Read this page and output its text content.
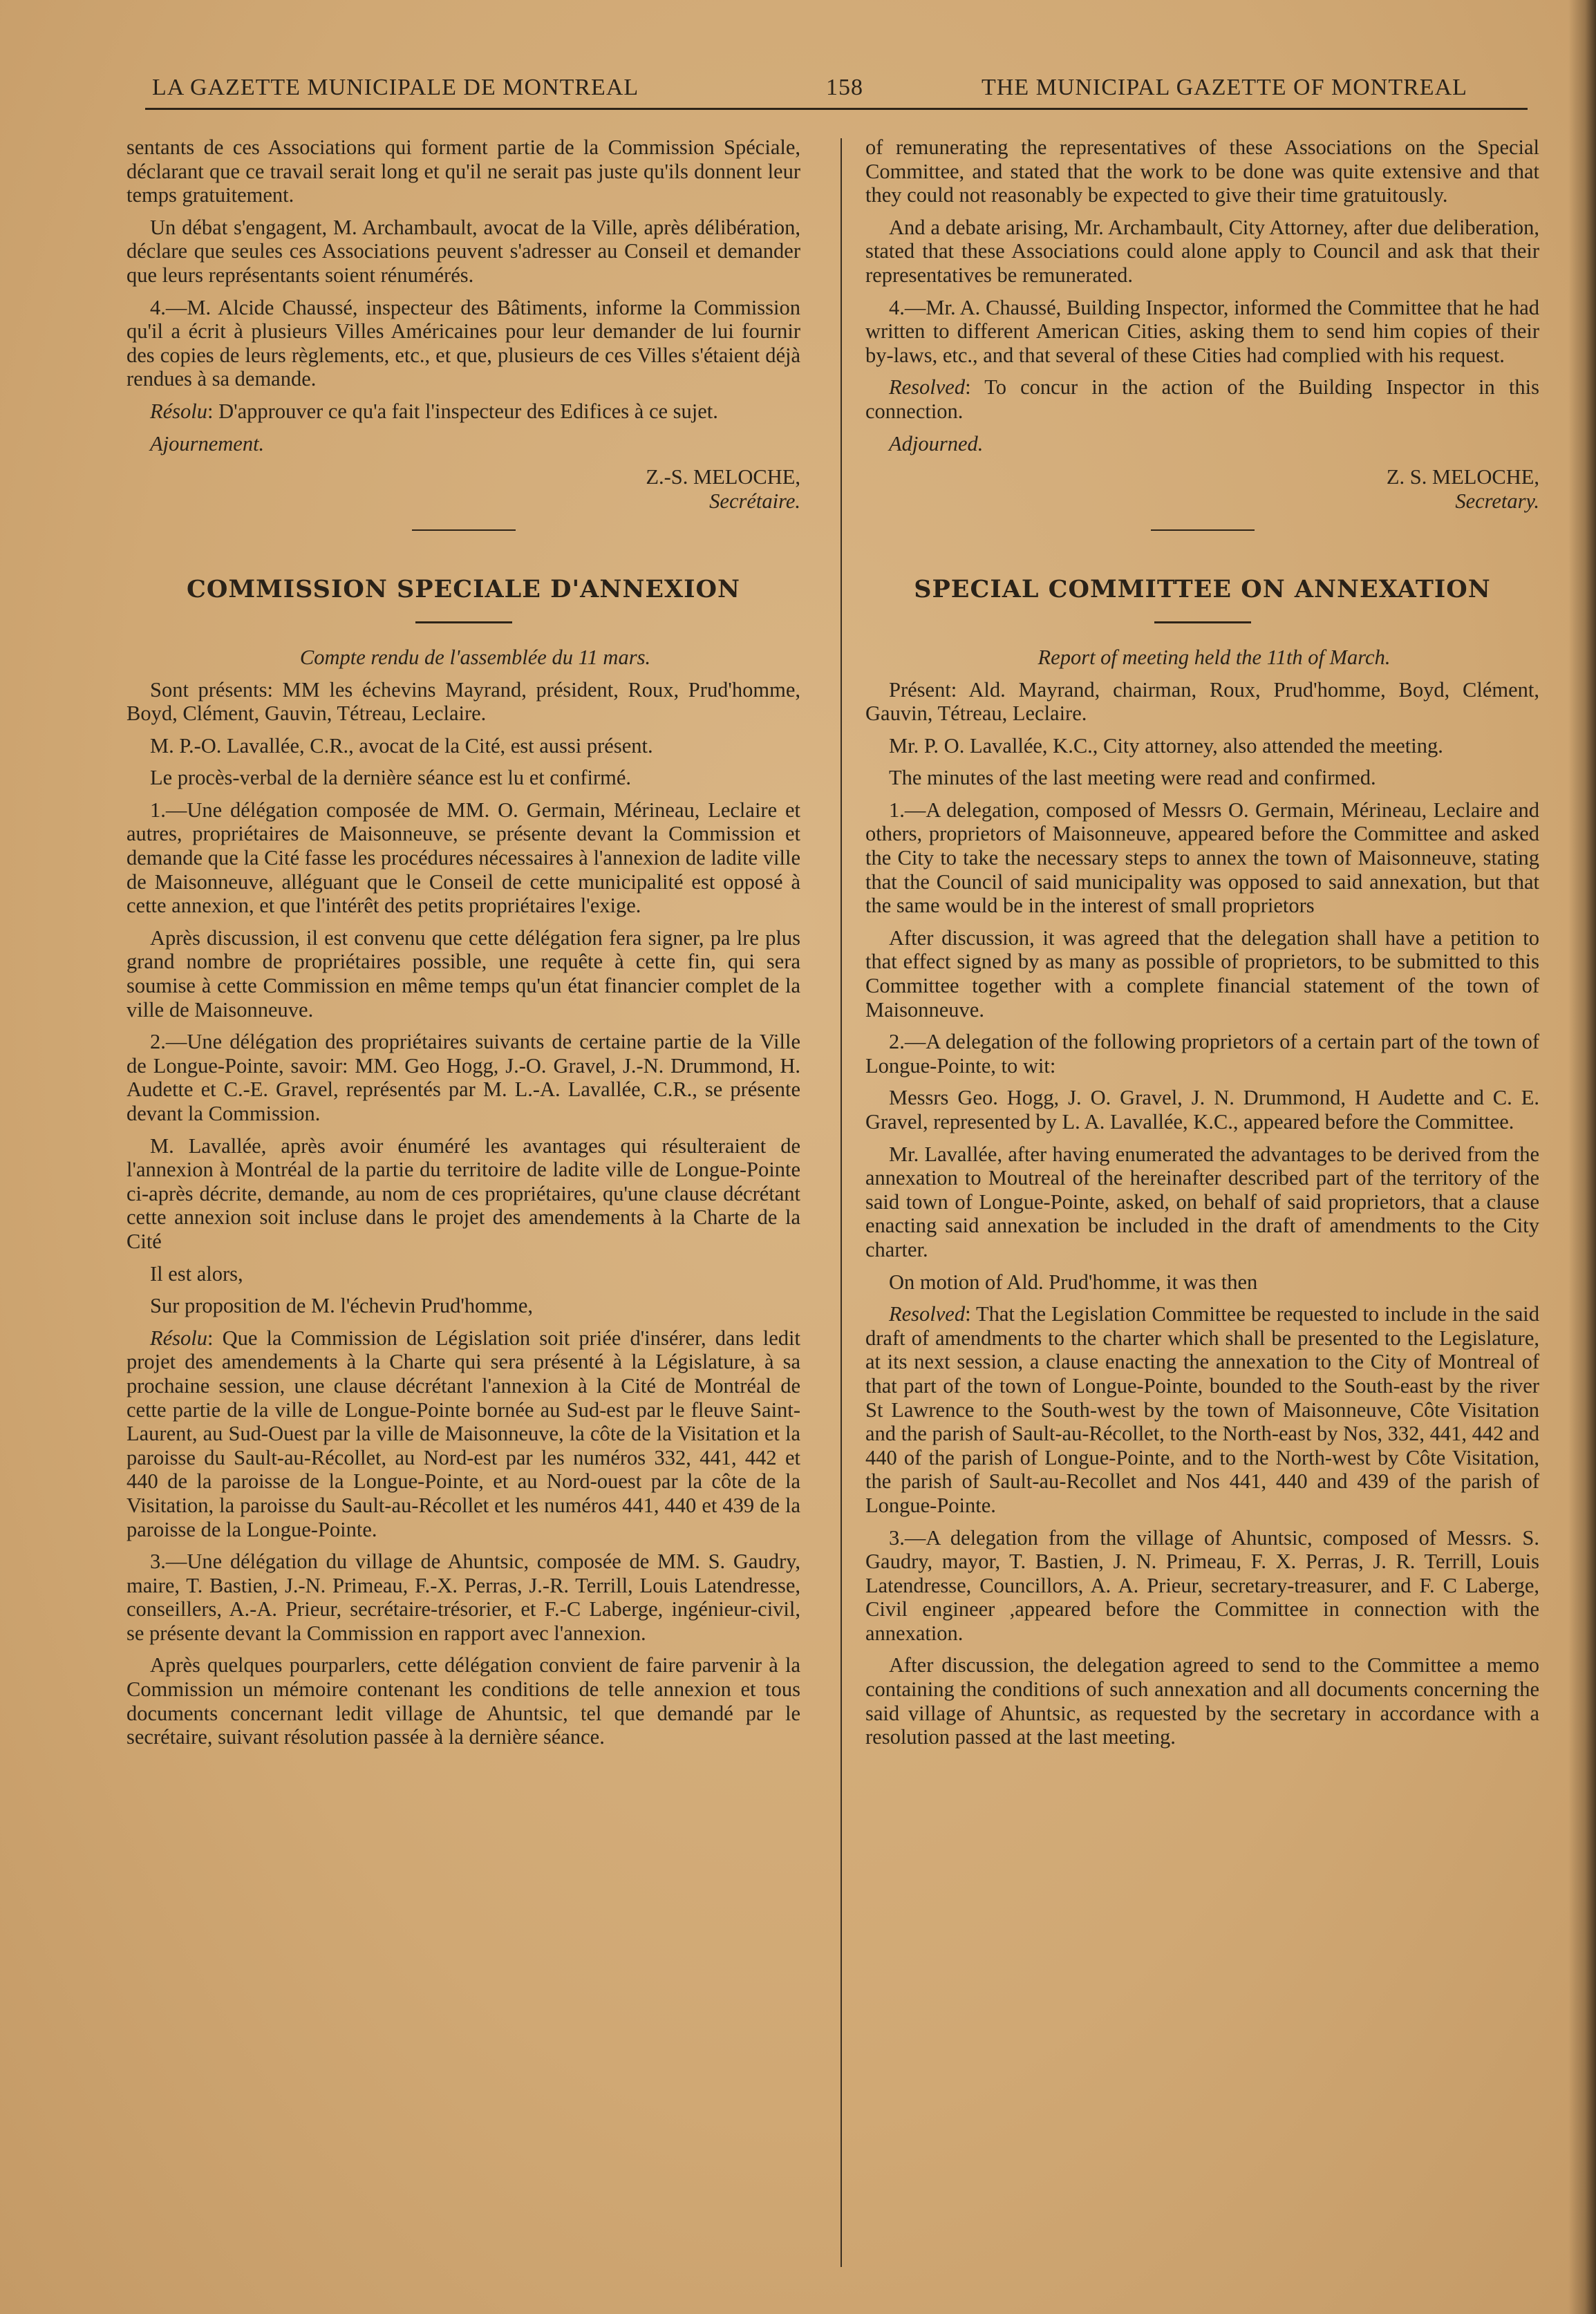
LA GAZETTE MUNICIPALE DE MONTREAL	158	THE MUNICIPAL GAZETTE OF MONTREAL

sentants de ces Associations qui forment partie de la Commission Spéciale, déclarant que ce travail serait long et qu'il ne serait pas juste qu'ils donnent leur temps gratuitement.

Un débat s'engagent, M. Archambault, avocat de la Ville, après délibération, déclare que seules ces Associations peuvent s'adresser au Conseil et demander que leurs représentants soient rénumérés.

4.—M. Alcide Chaussé, inspecteur des Bâtiments, informe la Commission qu'il a écrit à plusieurs Villes Américaines pour leur demander de lui fournir des copies de leurs règlements, etc., et que, plusieurs de ces Villes s'étaient déjà rendues à sa demande.

Résolu: D'approuver ce qu'a fait l'inspecteur des Edifices à ce sujet.

Ajournement.

Z.-S. MELOCHE,
Secrétaire.
COMMISSION SPECIALE D'ANNEXION

Compte rendu de l'assemblée du 11 mars.

Sont présents: MM les échevins Mayrand, président, Roux, Prud'homme, Boyd, Clément, Gauvin, Tétreau, Leclaire.

M. P.-O. Lavallée, C.R., avocat de la Cité, est aussi présent.

Le procès-verbal de la dernière séance est lu et confirmé.

1.—Une délégation composée de MM. O. Germain, Mérineau, Leclaire et autres, propriétaires de Maisonneuve, se présente devant la Commission et demande que la Cité fasse les procédures nécessaires à l'annexion de ladite ville de Maisonneuve, alléguant que le Conseil de cette municipalité est opposé à cette annexion, et que l'intérêt des petits propriétaires l'exige.

Après discussion, il est convenu que cette délégation fera signer, pa lre plus grand nombre de propriétaires possible, une requête à cette fin, qui sera soumise à cette Commission en même temps qu'un état financier complet de la ville de Maisonneuve.

2.—Une délégation des propriétaires suivants de certaine partie de la Ville de Longue-Pointe, savoir: MM. Geo Hogg, J.-O. Gravel, J.-N. Drummond, H. Audette et C.-E. Gravel, représentés par M. L.-A. Lavallée, C.R., se présente devant la Commission.

M. Lavallée, après avoir énuméré les avantages qui résulteraient de l'annexion à Montréal de la partie du territoire de ladite ville de Longue-Pointe ci-après décrite, demande, au nom de ces propriétaires, qu'une clause décrétant cette annexion soit incluse dans le projet des amendements à la Charte de la Cité

Il est alors,

Sur proposition de M. l'échevin Prud'homme,

Résolu: Que la Commission de Législation soit priée d'insérer, dans ledit projet des amendements à la Charte qui sera présenté à la Législature, à sa prochaine session, une clause décrétant l'annexion à la Cité de Montréal de cette partie de la ville de Longue-Pointe bornée au Sud-est par le fleuve Saint-Laurent, au Sud-Ouest par la ville de Maisonneuve, la côte de la Visitation et la paroisse du Sault-au-Récollet, au Nord-est par les numéros 332, 441, 442 et 440 de la paroisse de la Longue-Pointe, et au Nord-ouest par la côte de la Visitation, la paroisse du Sault-au-Récollet et les numéros 441, 440 et 439 de la paroisse de la Longue-Pointe.

3.—Une délégation du village de Ahuntsic, composée de MM. S. Gaudry, maire, T. Bastien, J.-N. Primeau, F.-X. Perras, J.-R. Terrill, Louis Latendresse, conseillers, A.-A. Prieur, secrétaire-trésorier, et F.-C Laberge, ingénieur-civil, se présente devant la Commission en rapport avec l'annexion.

Après quelques pourparlers, cette délégation convient de faire parvenir à la Commission un mémoire contenant les conditions de telle annexion et tous documents concernant ledit village de Ahuntsic, tel que demandé par le secrétaire, suivant résolution passée à la dernière séance.

of remunerating the representatives of these Associations on the Special Committee, and stated that the work to be done was quite extensive and that they could not reasonably be expected to give their time gratuitously.

And a debate arising, Mr. Archambault, City Attorney, after due deliberation, stated that these Associations could alone apply to Council and ask that their representatives be remunerated.

4.—Mr. A. Chaussé, Building Inspector, informed the Committee that he had written to different American Cities, asking them to send him copies of their by-laws, etc., and that several of these Cities had complied with his request.

Resolved: To concur in the action of the Building Inspector in this connection.

Adjourned.

Z. S. MELOCHE,
Secretary.
SPECIAL COMMITTEE ON ANNEXATION

Report of meeting held the 11th of March.

Présent: Ald. Mayrand, chairman, Roux, Prud'homme, Boyd, Clément, Gauvin, Tétreau, Leclaire.

Mr. P. O. Lavallée, K.C., City attorney, also attended the meeting.

The minutes of the last meeting were read and confirmed.

1.—A delegation, composed of Messrs O. Germain, Mérineau, Leclaire and others, proprietors of Maisonneuve, appeared before the Committee and asked the City to take the necessary steps to annex the town of Maisonneuve, stating that the Council of said municipality was opposed to said annexation, but that the same would be in the interest of small proprietors

After discussion, it was agreed that the delegation shall have a petition to that effect signed by as many as possible of proprietors, to be submitted to this Committee together with a complete financial statement of the town of Maisonneuve.

2.—A delegation of the following proprietors of a certain part of the town of Longue-Pointe, to wit:

Messrs Geo. Hogg, J. O. Gravel, J. N. Drummond, H Audette and C. E. Gravel, represented by L. A. Lavallée, K.C., appeared before the Committee.

Mr. Lavallée, after having enumerated the advantages to be derived from the annexation to Moutreal of the hereinafter described part of the territory of the said town of Longue-Pointe, asked, on behalf of said proprietors, that a clause enacting said annexation be included in the draft of amendments to the City charter.

On motion of Ald. Prud'homme, it was then

Resolved: That the Legislation Committee be requested to include in the said draft of amendments to the charter which shall be presented to the Legislature, at its next session, a clause enacting the annexation to the City of Montreal of that part of the town of Longue-Pointe, bounded to the South-east by the river St Lawrence to the South-west by the town of Maisonneuve, Côte Visitation and the parish of Sault-au-Récollet, to the North-east by Nos, 332, 441, 442 and 440 of the parish of Longue-Pointe, and to the North-west by Côte Visitation, the parish of Sault-au-Recollet and Nos 441, 440 and 439 of the parish of Longue-Pointe.

3.—A delegation from the village of Ahuntsic, composed of Messrs. S. Gaudry, mayor, T. Bastien, J. N. Primeau, F. X. Perras, J. R. Terrill, Louis Latendresse, Councillors, A. A. Prieur, secretary-treasurer, and F. C Laberge, Civil engineer ,appeared before the Committee in connection with the annexation.

After discussion, the delegation agreed to send to the Committee a memo containing the conditions of such annexation and all documents concerning the said village of Ahuntsic, as requested by the secretary in accordance with a resolution passed at the last meeting.
